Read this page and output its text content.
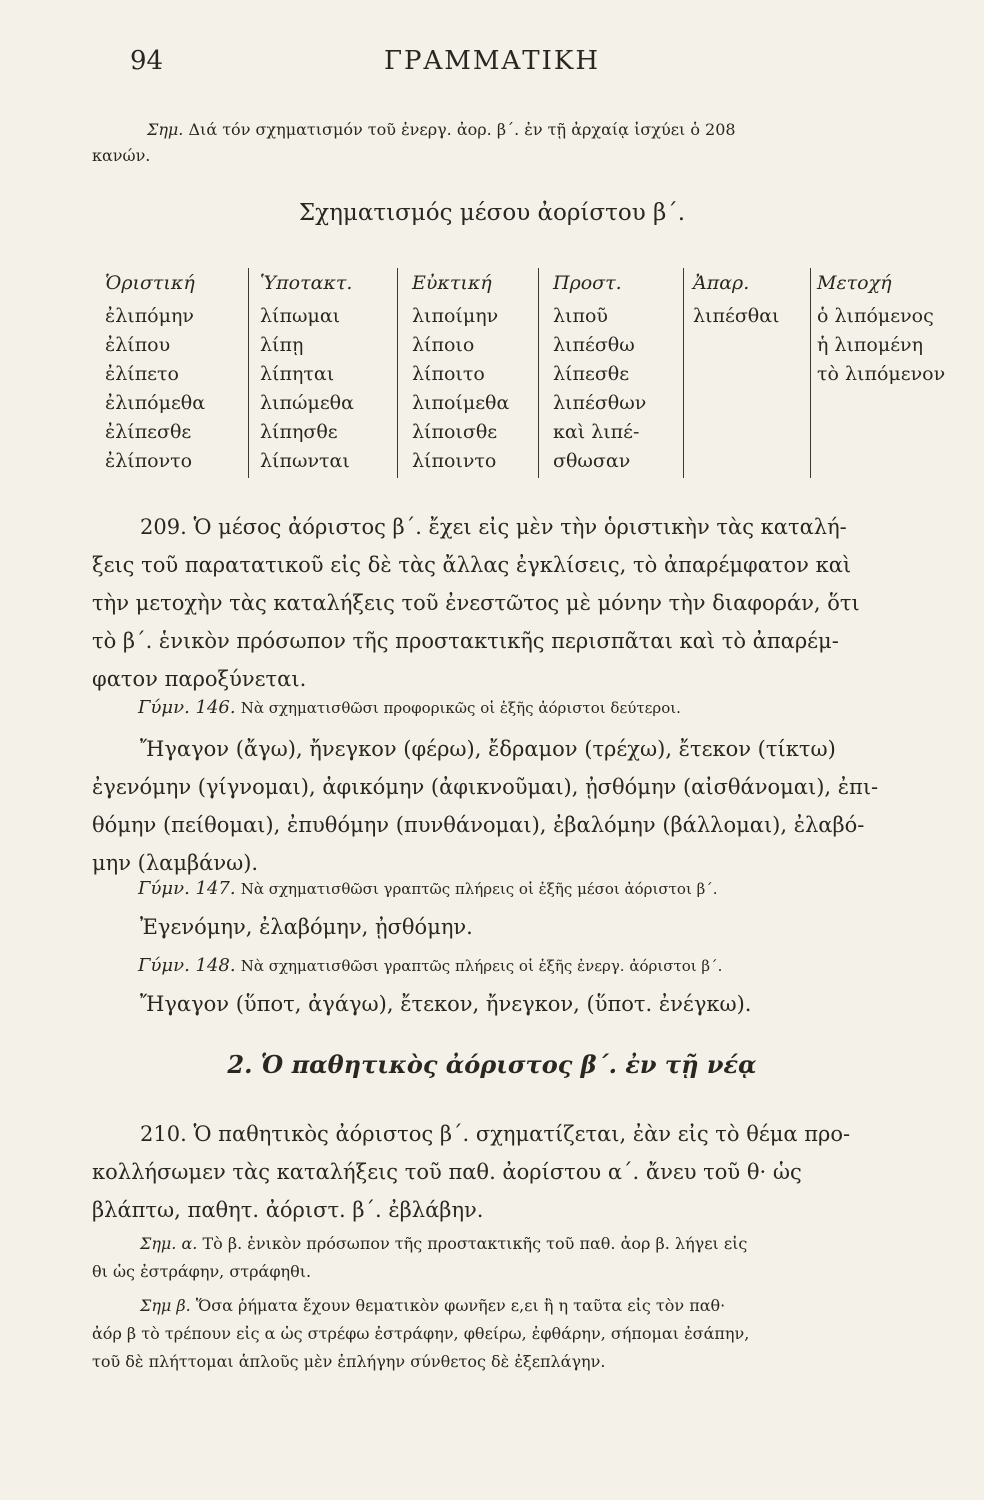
94	ΓΡΑΜΜΑΤΙΚΗ
Σημ. Διά τόν σχηματισμόν τοῦ ἐνεργ. ἀορ. β΄. ἐν τῇ ἀρχαίᾳ ἰσχύει ὁ 208
κανών.
Σχηματισμός μέσου ἀορίστου β΄.
Ὁριστική
ἐλιπόμην
ἐλίπου
ἐλίπετο
ἐλιπόμεθα
ἐλίπεσθε
ἐλίποντο
Ὑποτακτ.
λίπωμαι
λίπῃ
λίπηται
λιπώμεθα
λίπησθε
λίπωνται
Εὐκτική
λιποίμην
λίποιο
λίποιτο
λιποίμεθα
λίποισθε
λίποιντο
Προστ.
λιποῦ
λιπέσθω
λίπεσθε
λιπέσθων
καὶ λιπέ-
σθωσαν
Ἀπαρ.
λιπέσθαι
Μετοχή
ὁ λιπόμενος
ἡ λιπομένη
τὸ λιπόμενον
209. Ὁ μέσος ἀόριστος β΄. ἔχει εἰς μὲν τὴν ὁριστικὴν τὰς καταλή-
ξεις τοῦ παρατατικοῦ εἰς δὲ τὰς ἄλλας ἐγκλίσεις, τὸ ἀπαρέμφατον καὶ
τὴν μετοχὴν τὰς καταλήξεις τοῦ ἐνεστῶτος μὲ μόνην τὴν διαφοράν, ὅτι
τὸ β΄. ἑνικὸν πρόσωπον τῆς προστακτικῆς περισπᾶται καὶ τὸ ἀπαρέμ-
φατον παροξύνεται.
Γύμν. 146. Νὰ σχηματισθῶσι προφορικῶς οἱ ἑξῆς ἀόριστοι δεύτεροι.
Ἤγαγον (ἄγω), ἤνεγκον (φέρω), ἔδραμον (τρέχω), ἔτεκον (τίκτω)
ἐγενόμην (γίγνομαι), ἀφικόμην (ἀφικνοῦμαι), ᾐσθόμην (αἰσθάνομαι), ἐπι-
θόμην (πείθομαι), ἐπυθόμην (πυνθάνομαι), ἐβαλόμην (βάλλομαι), ἐλαβό-
μην (λαμβάνω).
Γύμν. 147. Νὰ σχηματισθῶσι γραπτῶς πλήρεις οἱ ἑξῆς μέσοι ἀόριστοι β΄.
Ἐγενόμην, ἐλαβόμην, ᾐσθόμην.
Γύμν. 148. Νὰ σχηματισθῶσι γραπτῶς πλήρεις οἱ ἑξῆς ἐνεργ. ἀόριστοι β΄.
Ἤγαγον (ὕποτ, ἀγάγω), ἔτεκον, ἤνεγκον, (ὕποτ. ἐνέγκω).
2. Ὁ παθητικὸς ἀόριστος β΄. ἐν τῇ νέᾳ
210. Ὁ παθητικὸς ἀόριστος β΄. σχηματίζεται, ἐὰν εἰς τὸ θέμα προ-
κολλήσωμεν τὰς καταλήξεις τοῦ παθ. ἀορίστου α΄. ἄνευ τοῦ θ· ὡς
βλάπτω, παθητ. ἀόριστ. β΄. ἐβλάβην.
Σημ. α. Τὸ β. ἑνικὸν πρόσωπον τῆς προστακτικῆς τοῦ παθ. ἀορ β. λήγει εἰς
θι ὡς ἐστράφην, στράφηθι.
Σημ β. Ὅσα ῥήματα ἔχουν θεματικὸν φωνῆεν ε,ει ἢ η ταῦτα εἰς τὸν παθ·
ἀόρ β τὸ τρέπουν εἰς α ὡς στρέφω ἐστράφην, φθείρω, ἐφθάρην, σήπομαι ἐσάπην,
τοῦ δὲ πλήττομαι ἁπλοῦς μὲν ἐπλήγην σύνθετος δὲ ἐξεπλάγην.
